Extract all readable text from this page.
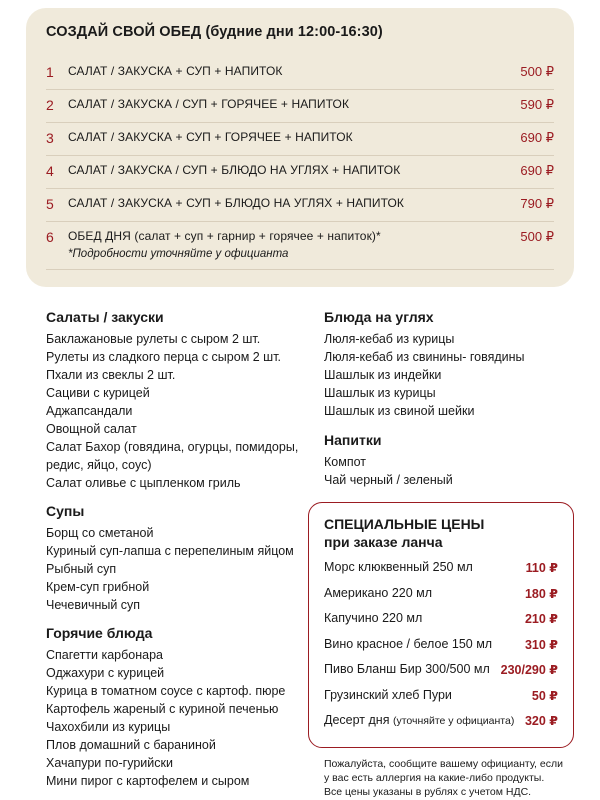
СОЗДАЙ СВОЙ ОБЕД (будние дни 12:00-16:30)
1 САЛАТ / ЗАКУСКА + СУП + НАПИТОК	500 ₽
2 САЛАТ / ЗАКУСКА / СУП + ГОРЯЧЕЕ + НАПИТОК	590 ₽
3 САЛАТ / ЗАКУСКА + СУП + ГОРЯЧЕЕ + НАПИТОК	690 ₽
4 САЛАТ / ЗАКУСКА / СУП + БЛЮДО НА УГЛЯХ + НАПИТОК	690 ₽
5 САЛАТ / ЗАКУСКА + СУП + БЛЮДО НА УГЛЯХ + НАПИТОК	790 ₽
6 ОБЕД ДНЯ (салат + суп + гарнир + горячее + напиток)*	500 ₽
*Подробности уточняйте у официанта
Салаты / закуски
Баклажановые рулеты с сыром 2 шт.
Рулеты из сладкого перца с сыром 2 шт.
Пхали из свеклы 2 шт.
Сациви с курицей
Аджапсандали
Овощной салат
Салат Бахор (говядина, огурцы, помидоры,
редис, яйцо, соус)
Салат оливье с цыпленком гриль
Супы
Борщ со сметаной
Куриный суп-лапша с перепелиным яйцом
Рыбный суп
Крем-суп грибной
Чечевичный суп
Горячие блюда
Спагетти карбонара
Оджахури с курицей
Курица в томатном соусе с картоф. пюре
Картофель жареный с куриной печенью
Чахохбили из курицы
Плов домашний с бараниной
Хачапури по-гурийски
Мини пирог с картофелем и сыром
Блюда на углях
Люля-кебаб из курицы
Люля-кебаб из свинины- говядины
Шашлык из индейки
Шашлык из курицы
Шашлык из свиной шейки
Напитки
Компот
Чай черный / зеленый
СПЕЦИАЛЬНЫЕ ЦЕНЫ
при заказе ланча
Морс клюквенный 250 мл	110 ₽
Американо 220 мл	180 ₽
Капучино 220 мл	210 ₽
Вино красное / белое 150 мл	310 ₽
Пиво Бланш Бир 300/500 мл 230/290 ₽
Грузинский хлеб Пури	50 ₽
Десерт дня (уточняйте у официанта) 320 ₽
Пожалуйста, сообщите вашему официанту, если
у вас есть аллергия на какие-либо продукты.
Все цены указаны в рублях с учетом НДС.
